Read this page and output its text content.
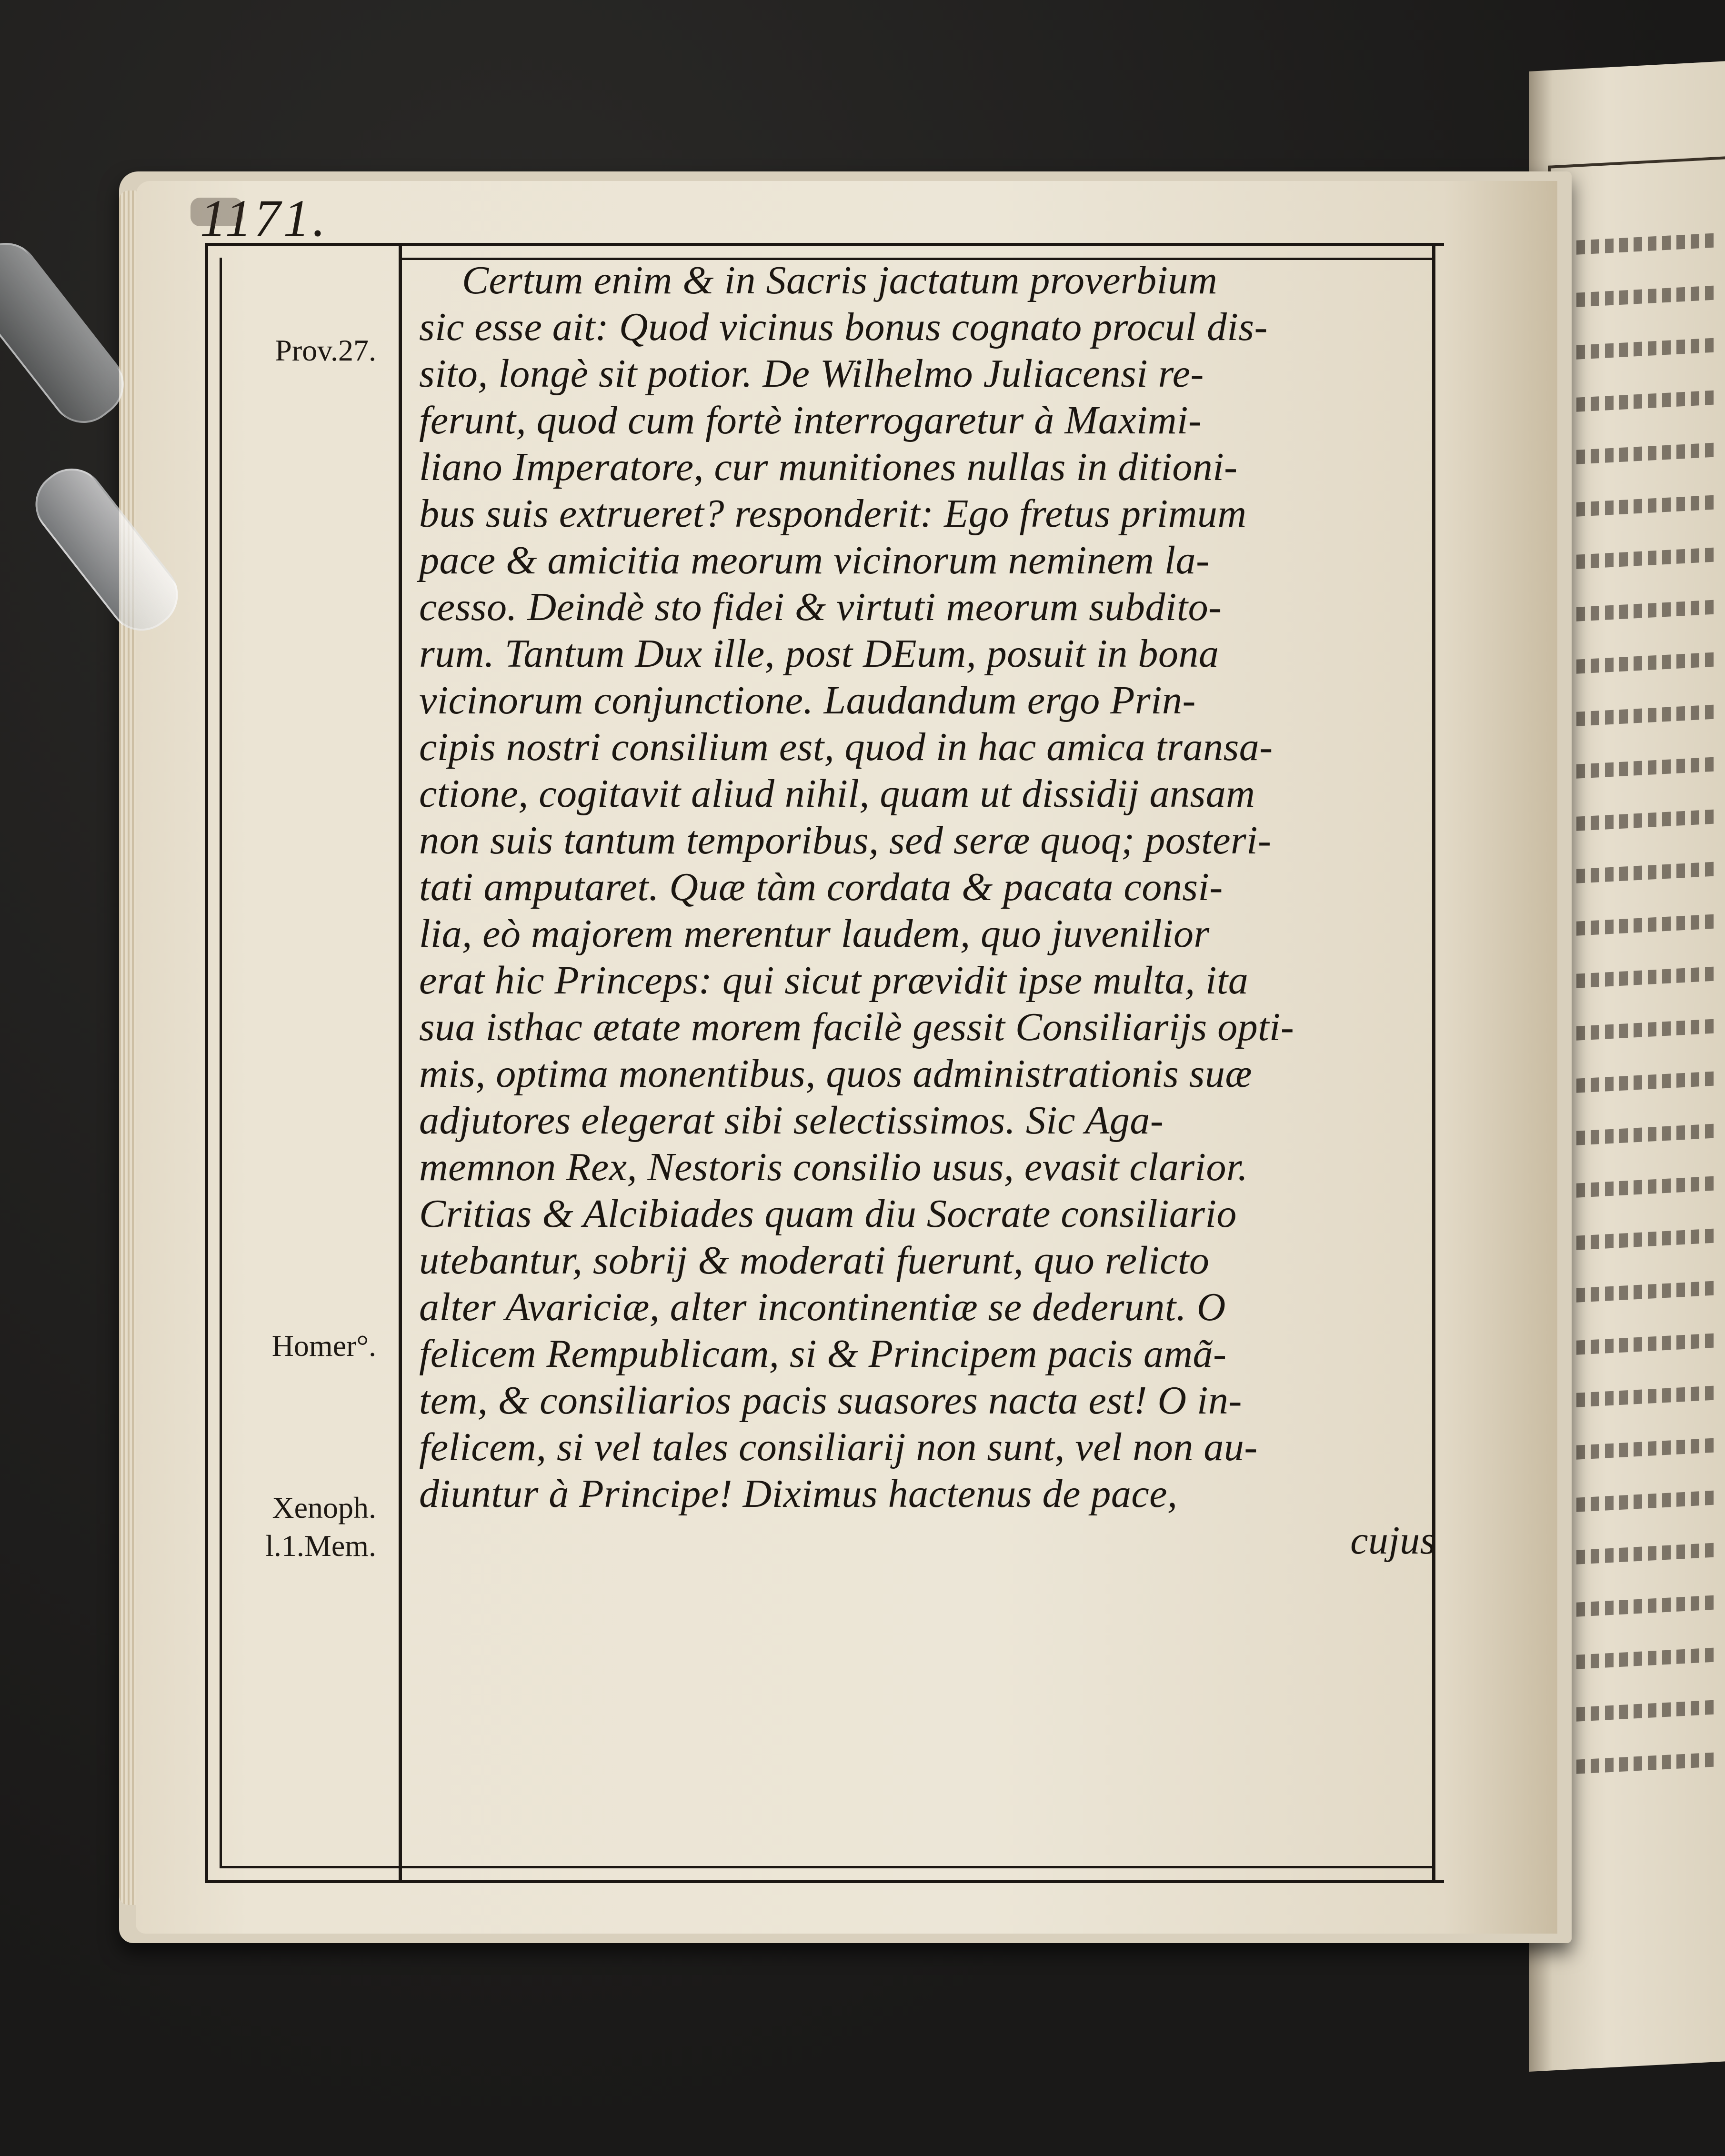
1171.
Prov.27.
Homer°.
Xenoph.
l.1.Mem.
Certum enim & in Sacris jactatum proverbium
sic esse ait: Quod vicinus bonus cognato procul dis-
sito, longè sit potior. De Wilhelmo Juliacensi re-
ferunt, quod cum fortè interrogaretur à Maximi-
liano Imperatore, cur munitiones nullas in ditioni-
bus suis extrueret? responderit: Ego fretus primum
pace & amicitia meorum vicinorum neminem la-
cesso. Deindè sto fidei & virtuti meorum subdito-
rum. Tantum Dux ille, post DEum, posuit in bona
vicinorum conjunctione. Laudandum ergo Prin-
cipis nostri consilium est, quod in hac amica transa-
ctione, cogitavit aliud nihil, quam ut dissidij ansam
non suis tantum temporibus, sed seræ quoq; posteri-
tati amputaret. Quæ tàm cordata & pacata consi-
lia, eò majorem merentur laudem, quo juvenilior
erat hic Princeps: qui sicut prævidit ipse multa, ita
sua isthac ætate morem facilè gessit Consiliarijs opti-
mis, optima monentibus, quos administrationis suæ
adjutores elegerat sibi selectissimos. Sic Aga-
memnon Rex, Nestoris consilio usus, evasit clarior.
Critias & Alcibiades quam diu Socrate consiliario
utebantur, sobrij & moderati fuerunt, quo relicto
alter Avariciæ, alter incontinentiæ se dederunt. O
felicem Rempublicam, si & Principem pacis amã-
tem, & consiliarios pacis suasores nacta est! O in-
felicem, si vel tales consiliarij non sunt, vel non au-
diuntur à Principe! Diximus hactenus de pace,
cujus
